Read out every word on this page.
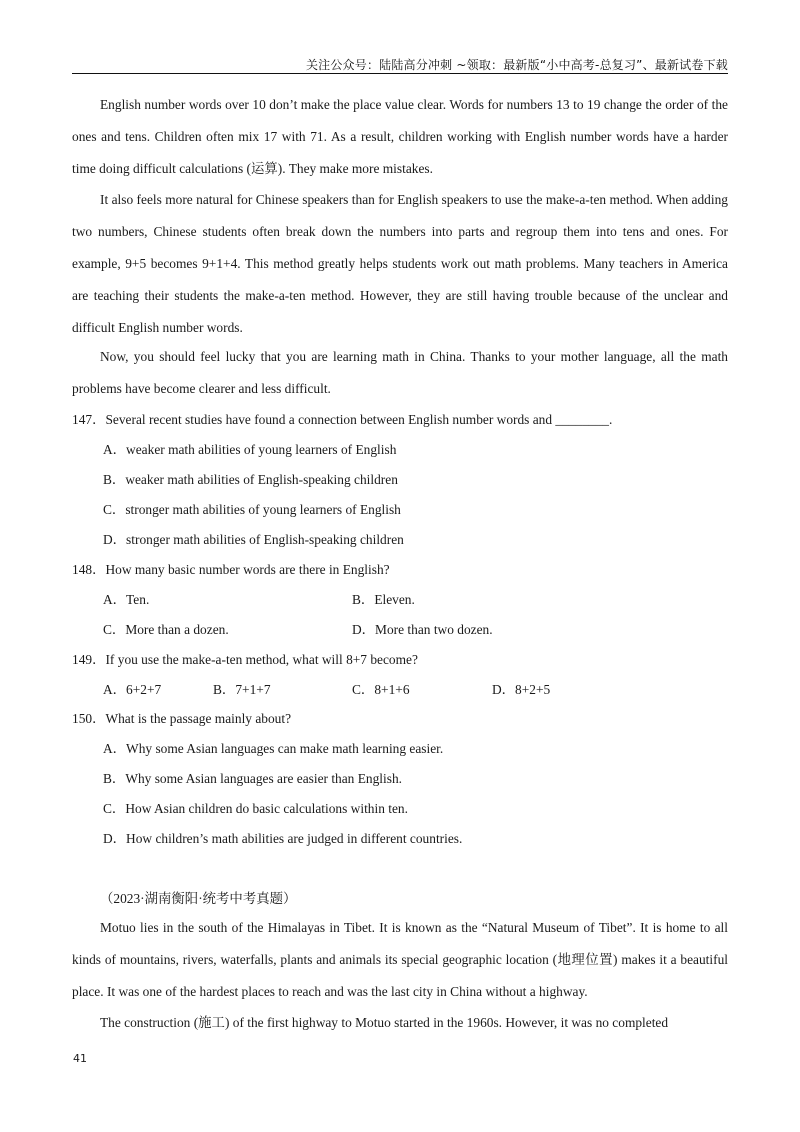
关注公众号：陆陆高分冲刺 ~领取：最新版“小中高考-总复习”、最新试卷下载

English number words over 10 don’t make the place value clear. Words for numbers 13 to 19 change the order of the ones and tens. Children often mix 17 with 71. As a result, children working with English number words have a harder time doing difficult calculations (运算). They make more mistakes.

It also feels more natural for Chinese speakers than for English speakers to use the make-a-ten method. When adding two numbers, Chinese students often break down the numbers into parts and regroup them into tens and ones. For example, 9+5 becomes 9+1+4. This method greatly helps students work out math problems. Many teachers in America are teaching their students the make-a-ten method. However, they are still having trouble because of the unclear and difficult English number words.

Now, you should feel lucky that you are learning math in China. Thanks to your mother language, all the math problems have become clearer and less difficult.

147．Several recent studies have found a connection between English number words and ________.
A．weaker math abilities of young learners of English
B．weaker math abilities of English-speaking children
C．stronger math abilities of young learners of English
D．stronger math abilities of English-speaking children
148．How many basic number words are there in English?
A．Ten.	B．Eleven.
C．More than a dozen.	D．More than two dozen.
149．If you use the make-a-ten method, what will 8+7 become?
A．6+2+7	B．7+1+7	C．8+1+6	D．8+2+5
150．What is the passage mainly about?
A．Why some Asian languages can make math learning easier.
B．Why some Asian languages are easier than English.
C．How Asian children do basic calculations within ten.
D．How children’s math abilities are judged in different countries.
（2023·湖南衡阳·统考中考真题）

Motuo lies in the south of the Himalayas in Tibet. It is known as the “Natural Museum of Tibet”. It is home to all kinds of mountains, rivers, waterfalls, plants and animals its special geographic location (地理位置) makes it a beautiful place. It was one of the hardest places to reach and was the last city in China without a highway.

The construction (施工) of the first highway to Motuo started in the 1960s. However, it was no completed

41
